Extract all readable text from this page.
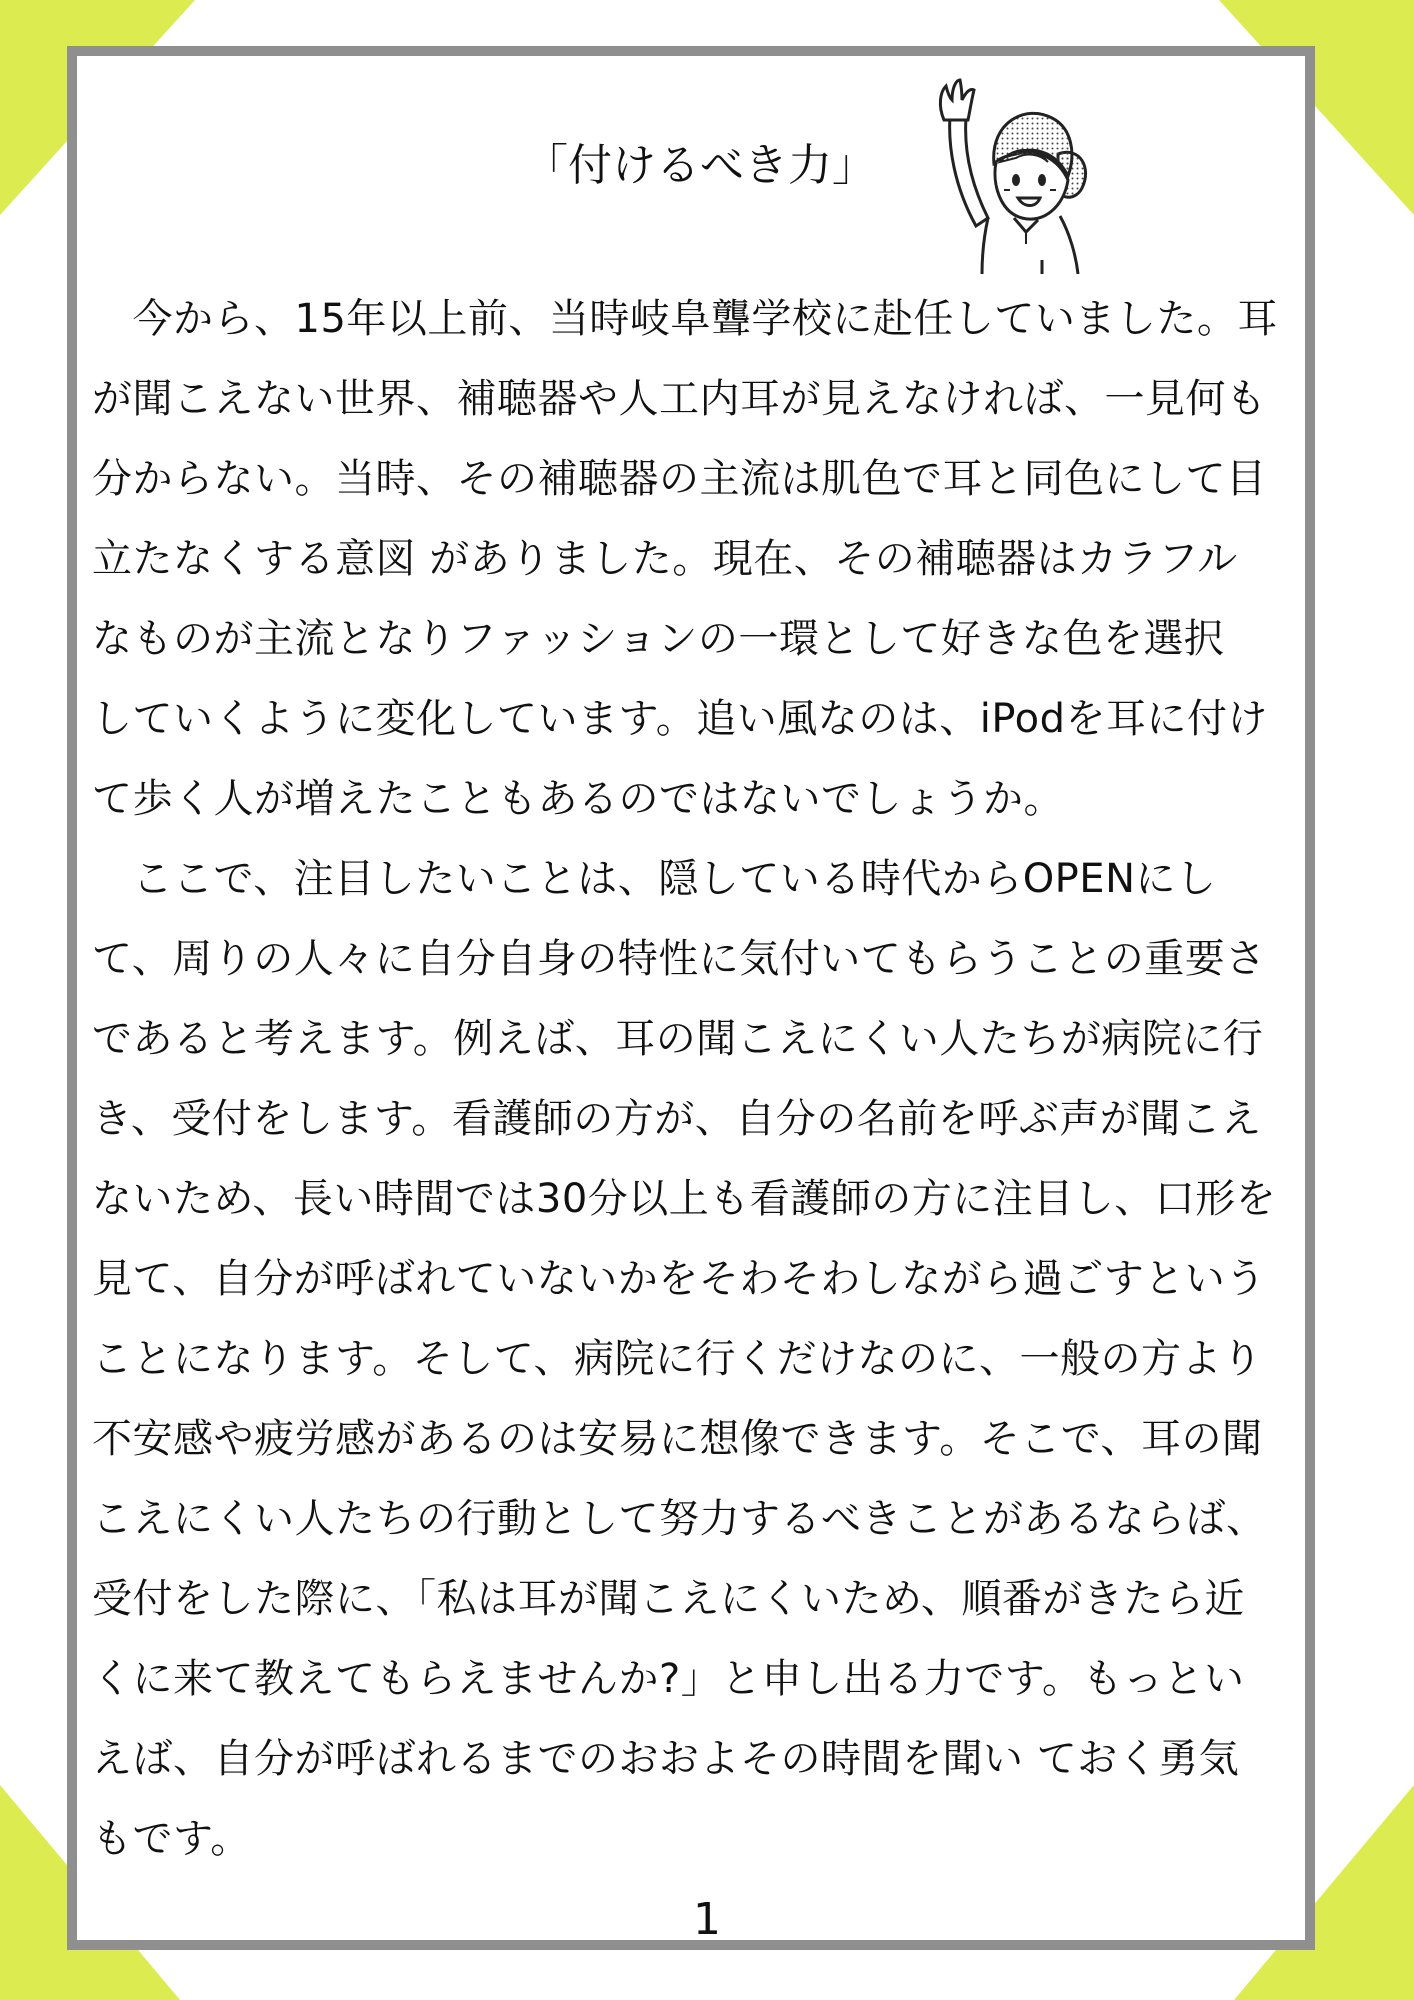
「付けるべき力」
　今から、15年以上前、当時岐阜聾学校に赴任していました。耳
が聞こえない世界、補聴器や人工内耳が見えなければ、一見何も
分からない。当時、その補聴器の主流は肌色で耳と同色にして目
立たなくする意図 がありました。現在、その補聴器はカラフル
なものが主流となりファッションの一環として好きな色を選択
していくように変化しています。追い風なのは、iPodを耳に付け
て歩く人が増えたこともあるのではないでしょうか。
　ここで、注目したいことは、隠している時代からOPENにし
て、周りの人々に自分自身の特性に気付いてもらうことの重要さ
であると考えます。例えば、耳の聞こえにくい人たちが病院に行
き、受付をします。看護師の方が、自分の名前を呼ぶ声が聞こえ
ないため、長い時間では30分以上も看護師の方に注目し、口形を
見て、自分が呼ばれていないかをそわそわしながら過ごすという
ことになります。そして、病院に行くだけなのに、一般の方より
不安感や疲労感があるのは安易に想像できます。そこで、耳の聞
こえにくい人たちの行動として努力するべきことがあるならば、
受付をした際に、「私は耳が聞こえにくいため、順番がきたら近
くに来て教えてもらえませんか?」と申し出る力です。もっとい
えば、自分が呼ばれるまでのおおよその時間を聞い ておく勇気
もです。
1
